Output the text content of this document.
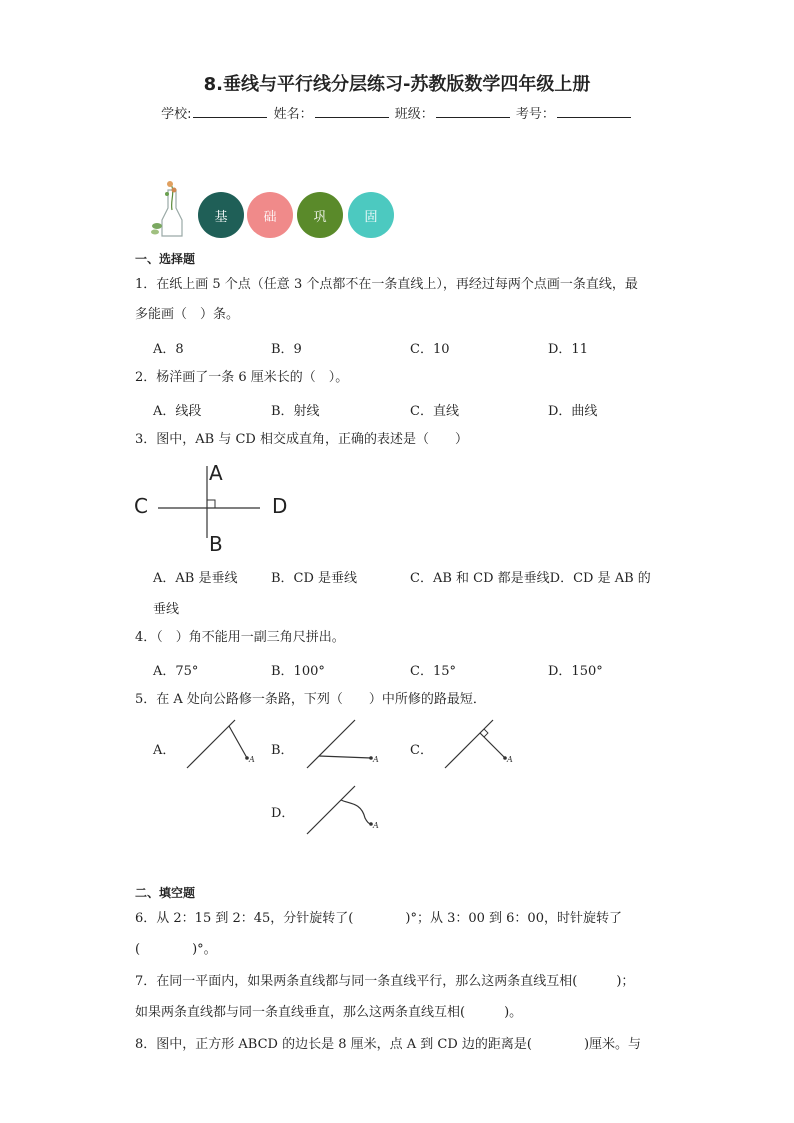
8.垂线与平行线分层练习-苏教版数学四年级上册
学校:	姓名：	班级：	考号：
基	础	巩	固
一、选择题
1．在纸上画 5 个点（任意 3 个点都不在一条直线上），再经过每两个点画一条直线，最
多能画（　）条。
A．8	B．9	C．10	D．11
2．杨洋画了一条 6 厘米长的（　）。
A．线段	B．射线	C．直线	D．曲线
3．图中，AB 与 CD 相交成直角，正确的表述是（　　）
A
B
C	D
A．AB 是垂线	B．CD 是垂线	C．AB 和 CD 都是垂线D．CD 是 AB 的
垂线
4．（　）角不能用一副三角尺拼出。
A．75°	B．100°	C．15°	D．150°
5．在 A 处向公路修一条路，下列（　　）中所修的路最短．
A．
A
B．
A
C．
A
D．
A
二、填空题
6．从 2：15 到 2：45，分针旋转了(　　　　)°；从 3：00 到 6：00，时针旋转了
(　　　　)°。
7．在同一平面内，如果两条直线都与同一条直线平行，那么这两条直线互相(　　　)；
如果两条直线都与同一条直线垂直，那么这两条直线互相(　　　)。
8．图中，正方形 ABCD 的边长是 8 厘米，点 A 到 CD 边的距离是(　　　　)厘米。与
